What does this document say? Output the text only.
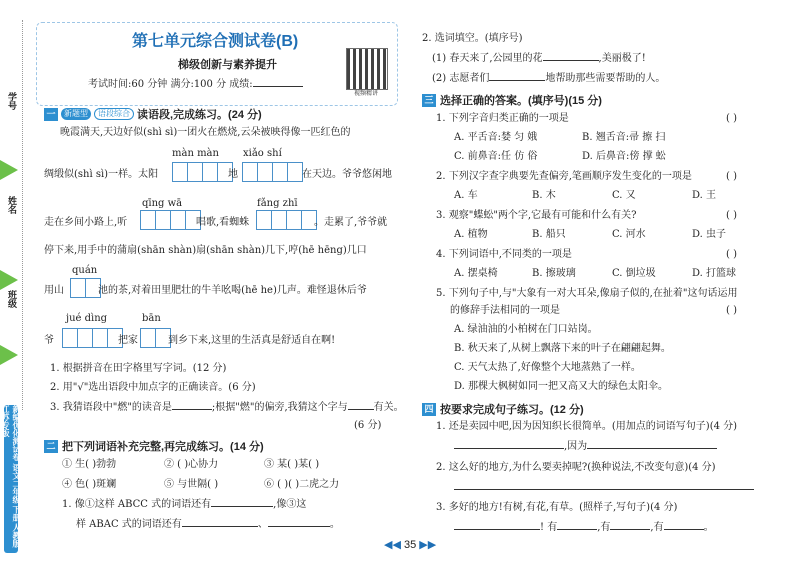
学号
姓名
班级
新编优化测试卷 语文二年级 下册 人教版 江苏专版
第七单元综合测试卷(B)
梯级创新与素养提升
考试时间:60 分钟 满分:100 分 成绩:
视频精讲
一	新题型	语段综合 读语段,完成练习。(24 分)
晚霞满天,天边好似(shì sì)一团火在燃烧,云朵被映得像一匹红色的
màn màn xiǎo shí
绸缎似(shì sì)一样。太阳	地	在天边。爷爷悠闲地
qīng wā	fǎng zhī
走在乡间小路上,听	唱歌,看蜘蛛	。走累了,爷爷就
停下来,用手中的蒲扇(shān shàn)扇(shān shàn)几下,哼(hē hēng)几口
quán
用山	池的茶,对着田里肥壮的牛羊吆喝(hē he)几声。难怪退休后爷
jué dìng	bān
爷	把家	到乡下来,这里的生活真是舒适自在啊!
1. 根据拼音在田字格里写字词。(12 分)
2. 用"√"选出语段中加点字的正确读音。(6 分)
3. 我猜语段中"燃"的读音是	;根据"燃"的偏旁,我猜这个字与	有关。
(6 分)
二 把下列词语补充完整,再完成练习。(14 分)
① 生( )勃勃	② ( )心协力	③ 某( )某( )
④ 色( )斑斓	⑤ 与世隔( )	⑥ ( )( )二虎之力
1. 像①这样 ABCC 式的词语还有	,像③这
样 ABAC 式的词语还有	、	。
2. 选词填空。(填序号)
(1) 春天来了,公园里的花	,美丽极了!
(2) 志愿者们	地帮助那些需要帮助的人。
三 选择正确的答案。(填序号)(15 分)
1. 下列字音归类正确的一项是	( )
A. 平舌音:婪 匀 娥	B. 翘舌音:帚 擦 扫
C. 前鼻音:任 仿 俗	D. 后鼻音:傍 撑 蚣
2. 下列汉字查字典要先查偏旁,笔画顺序发生变化的一项是	( )
A. 车	B. 木	C. 又	D. 王
3. 观察"蝶蚣"两个字,它最有可能和什么有关?	( )
A. 植物	B. 船只	C. 河水	D. 虫子
4. 下列词语中,不同类的一项是	( )
A. 摆桌椅	B. 擦玻璃	C. 倒垃圾	D. 打篮球
5. 下列句子中,与"大象有一对大耳朵,像扇子似的,在扯着"这句话运用
的修辞手法相同的一项是	( )
A. 绿油油的小柏树在门口站岗。
B. 秋天来了,从树上飘落下来的叶子在翩翩起舞。
C. 天气太热了,好像整个大地蒸熟了一样。
D. 那棵大枫树如同一把又高又大的绿色太阳伞。
四 按要求完成句子练习。(12 分)
1. 还是卖园中吧,因为因知织长很简单。(用加点的词语写句子)(4 分)
,因为
2. 这么好的地方,为什么要卖掉呢?(换种说法,不改变句意)(4 分)
3. 多好的地方!有树,有花,有草。(照样子,写句子)(4 分)
! 有	,有	,有	。
◀◀ 35 ▶▶
